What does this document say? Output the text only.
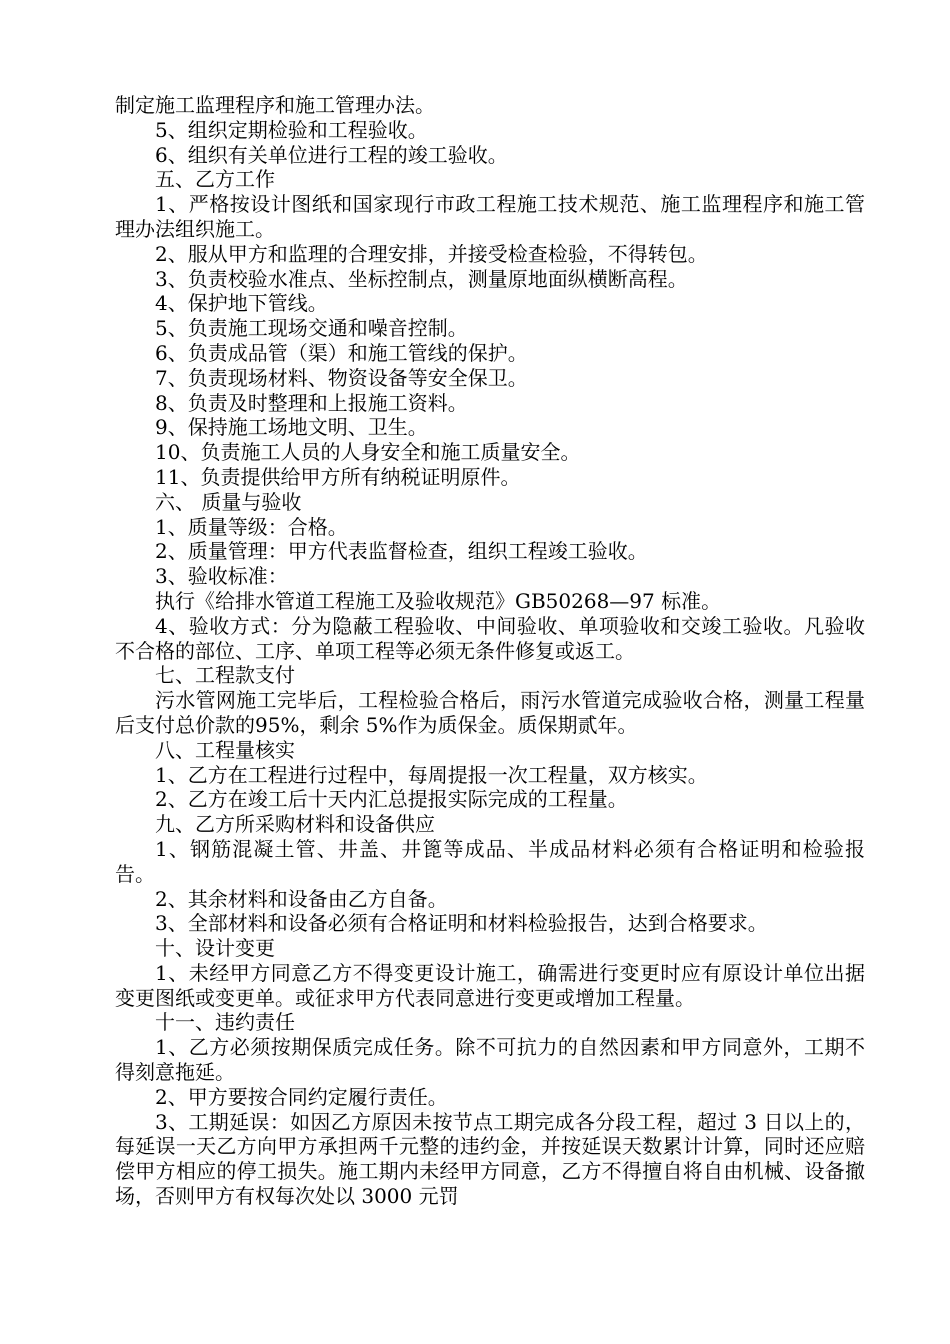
制定施工监理程序和施工管理办法。

5、组织定期检验和工程验收。

6、组织有关单位进行工程的竣工验收。

五、乙方工作

1、严格按设计图纸和国家现行市政工程施工技术规范、施工监理程序和施工管理办法组织施工。

2、服从甲方和监理的合理安排，并接受检查检验，不得转包。

3、负责校验水准点、坐标控制点，测量原地面纵横断高程。

4、保护地下管线。

5、负责施工现场交通和噪音控制。

6、负责成品管（渠）和施工管线的保护。

7、负责现场材料、物资设备等安全保卫。

8、负责及时整理和上报施工资料。

9、保持施工场地文明、卫生。

10、负责施工人员的人身安全和施工质量安全。

11、负责提供给甲方所有纳税证明原件。

六、 质量与验收

1、质量等级：合格。

2、质量管理：甲方代表监督检查，组织工程竣工验收。

3、验收标准：

执行《给排水管道工程施工及验收规范》GB50268—97 标准。

4、验收方式：分为隐蔽工程验收、中间验收、单项验收和交竣工验收。凡验收不合格的部位、工序、单项工程等必须无条件修复或返工。

七、工程款支付

污水管网施工完毕后，工程检验合格后，雨污水管道完成验收合格，测量工程量后支付总价款的95%，剩余 5%作为质保金。质保期贰年。

八、工程量核实

1、乙方在工程进行过程中，每周提报一次工程量，双方核实。

2、乙方在竣工后十天内汇总提报实际完成的工程量。

九、乙方所采购材料和设备供应

1、钢筋混凝土管、井盖、井篦等成品、半成品材料必须有合格证明和检验报告。

2、其余材料和设备由乙方自备。

3、全部材料和设备必须有合格证明和材料检验报告，达到合格要求。

十、设计变更

1、未经甲方同意乙方不得变更设计施工，确需进行变更时应有原设计单位出据变更图纸或变更单。或征求甲方代表同意进行变更或增加工程量。

十一、违约责任

1、乙方必须按期保质完成任务。除不可抗力的自然因素和甲方同意外，工期不得刻意拖延。

2、甲方要按合同约定履行责任。

3、工期延误：如因乙方原因未按节点工期完成各分段工程，超过 3 日以上的，每延误一天乙方向甲方承担两千元整的违约金，并按延误天数累计计算，同时还应赔偿甲方相应的停工损失。施工期内未经甲方同意，乙方不得擅自将自由机械、设备撤场，否则甲方有权每次处以 3000 元罚
